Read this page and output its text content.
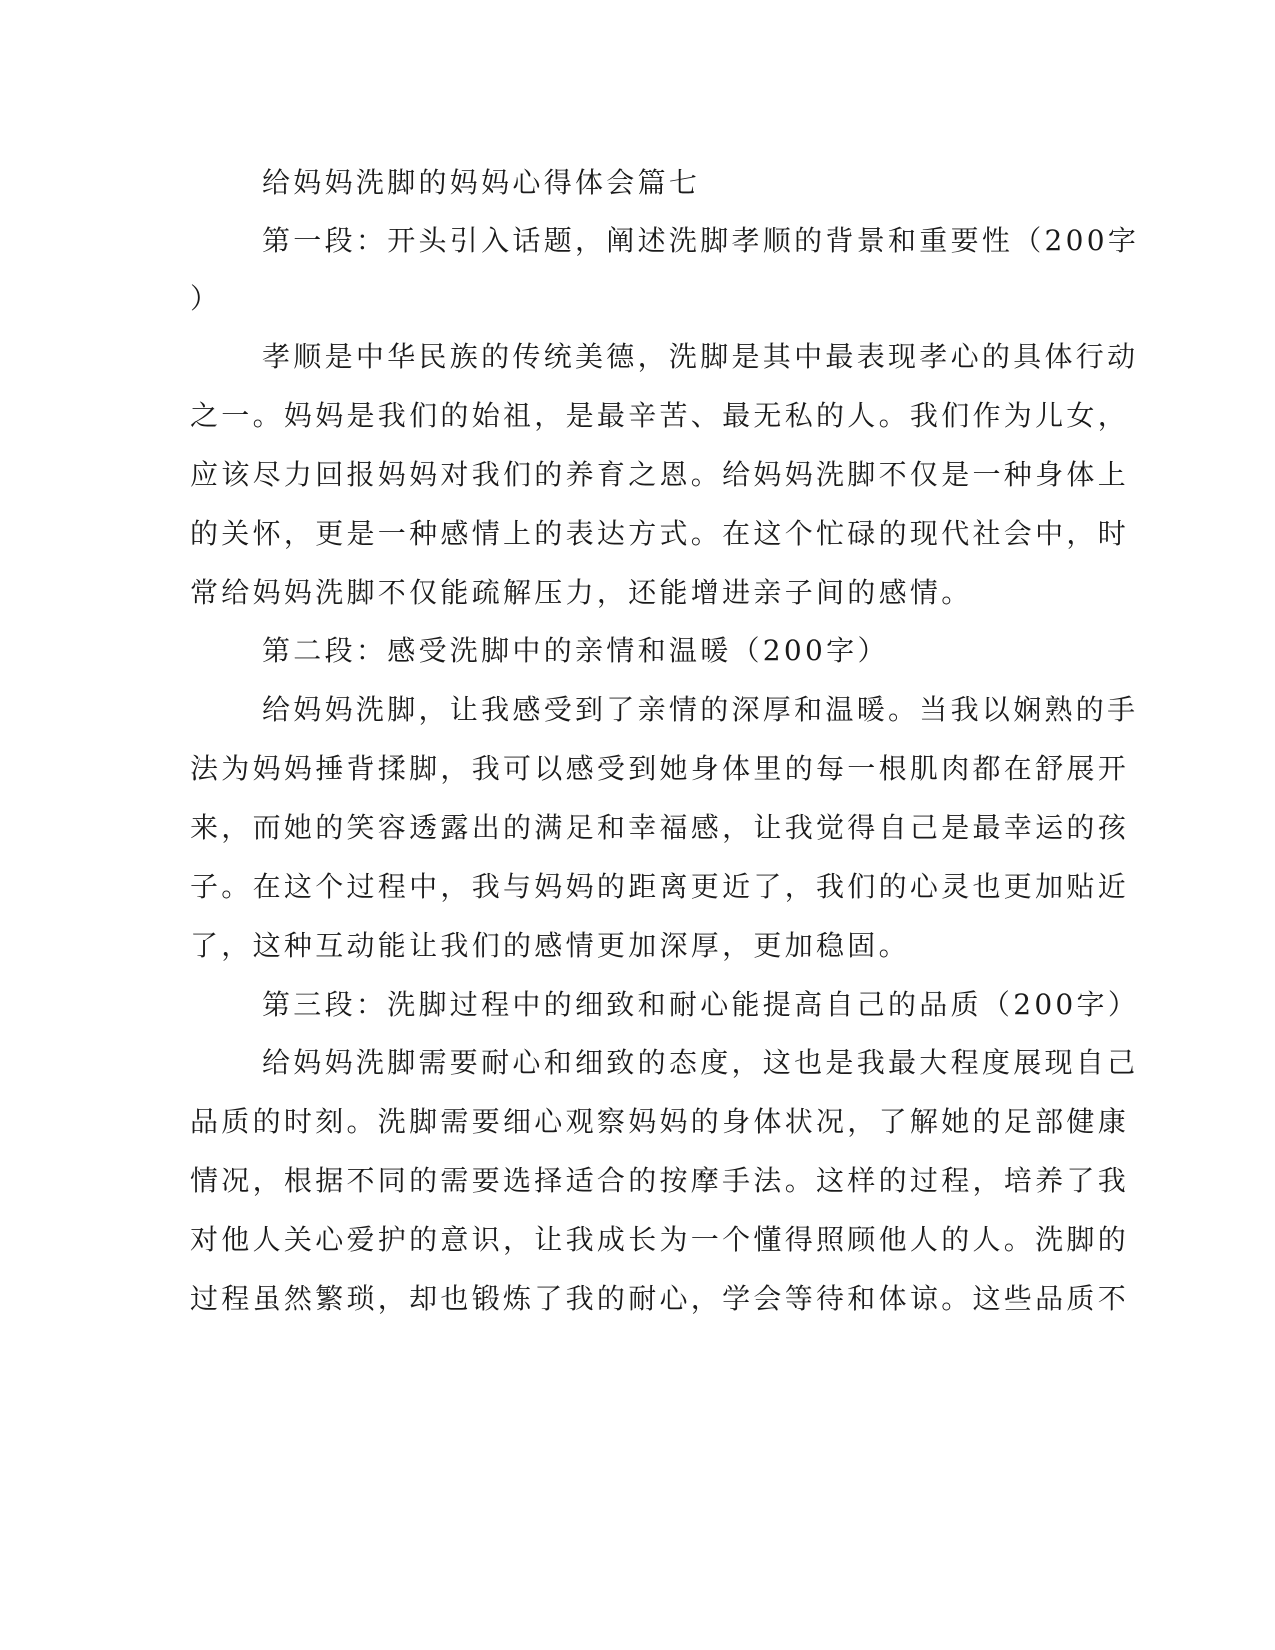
给妈妈洗脚的妈妈心得体会篇七
第一段：开头引入话题，阐述洗脚孝顺的背景和重要性（200字
）
孝顺是中华民族的传统美德，洗脚是其中最表现孝心的具体行动
之一。妈妈是我们的始祖，是最辛苦、最无私的人。我们作为儿女，
应该尽力回报妈妈对我们的养育之恩。给妈妈洗脚不仅是一种身体上
的关怀，更是一种感情上的表达方式。在这个忙碌的现代社会中，时
常给妈妈洗脚不仅能疏解压力，还能增进亲子间的感情。
第二段：感受洗脚中的亲情和温暖（200字）
给妈妈洗脚，让我感受到了亲情的深厚和温暖。当我以娴熟的手
法为妈妈捶背揉脚，我可以感受到她身体里的每一根肌肉都在舒展开
来，而她的笑容透露出的满足和幸福感，让我觉得自己是最幸运的孩
子。在这个过程中，我与妈妈的距离更近了，我们的心灵也更加贴近
了，这种互动能让我们的感情更加深厚，更加稳固。
第三段：洗脚过程中的细致和耐心能提高自己的品质（200字）
给妈妈洗脚需要耐心和细致的态度，这也是我最大程度展现自己
品质的时刻。洗脚需要细心观察妈妈的身体状况，了解她的足部健康
情况，根据不同的需要选择适合的按摩手法。这样的过程，培养了我
对他人关心爱护的意识，让我成长为一个懂得照顾他人的人。洗脚的
过程虽然繁琐，却也锻炼了我的耐心，学会等待和体谅。这些品质不
